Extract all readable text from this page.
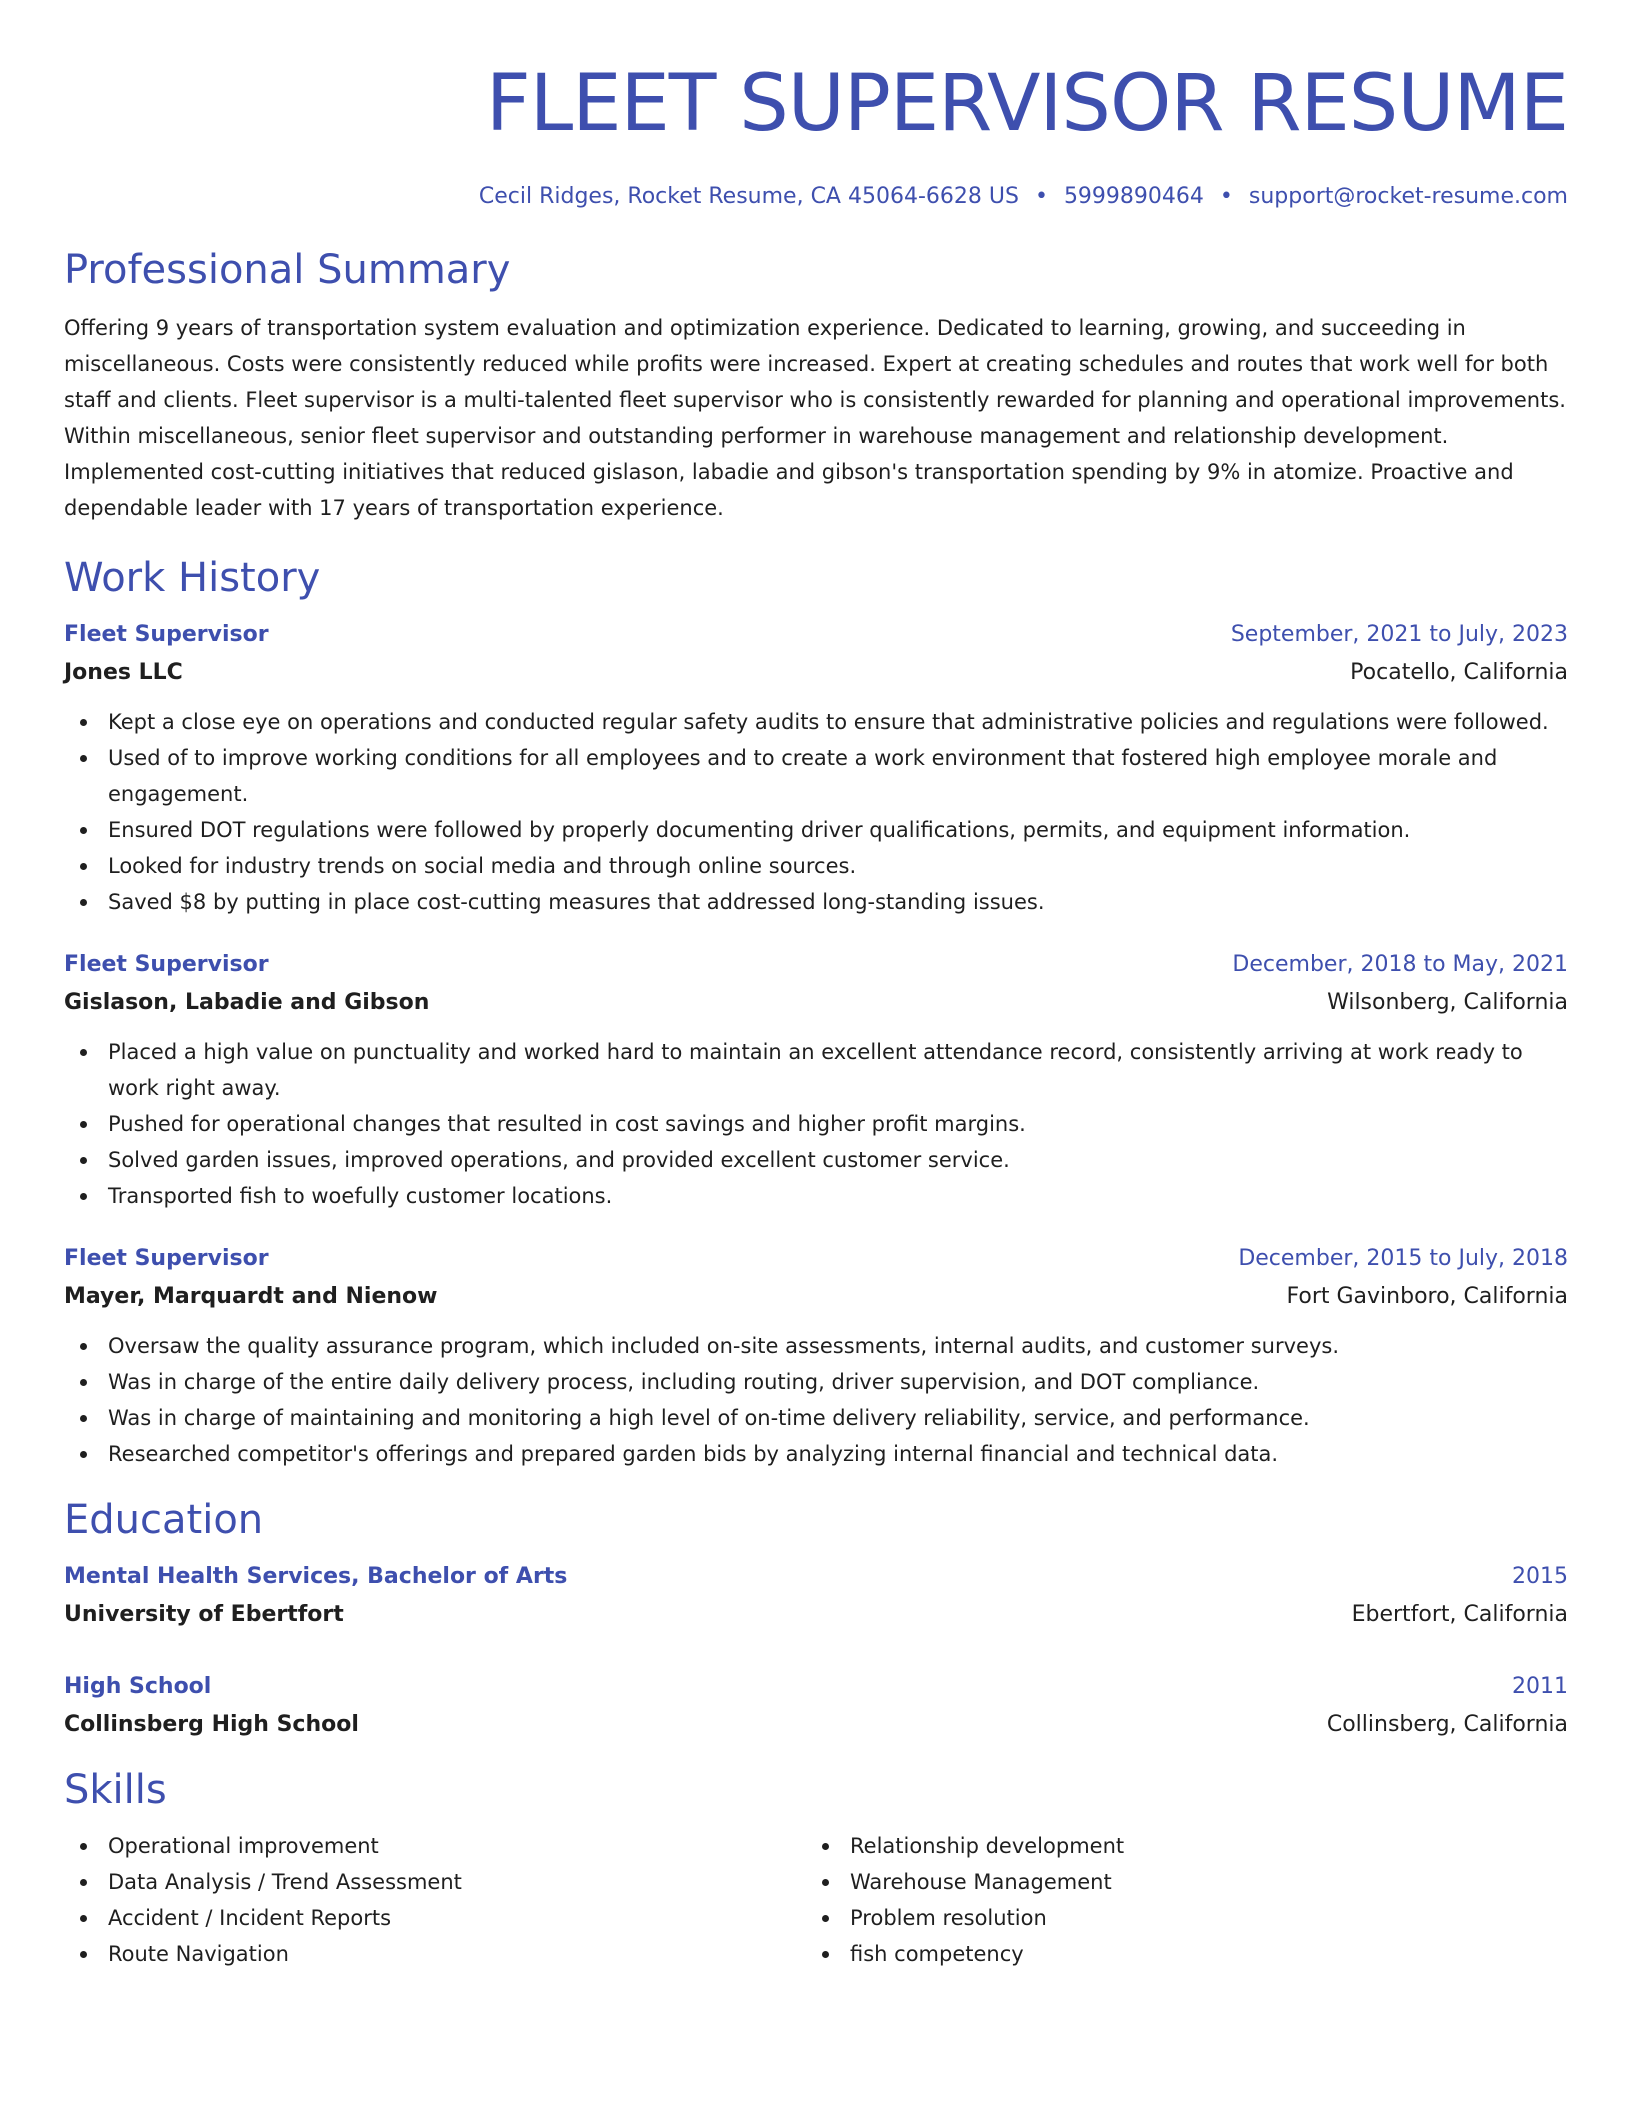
FLEET SUPERVISOR RESUME
Cecil Ridges, Rocket Resume, CA 45064-6628 US • 5999890464 • support@rocket-resume.com
Professional Summary

Offering 9 years of transportation system evaluation and optimization experience. Dedicated to learning, growing, and succeeding in miscellaneous. Costs were consistently reduced while profits were increased. Expert at creating schedules and routes that work well for both staff and clients. Fleet supervisor is a multi-talented fleet supervisor who is consistently rewarded for planning and operational improvements. Within miscellaneous, senior fleet supervisor and outstanding performer in warehouse management and relationship development. Implemented cost-cutting initiatives that reduced gislason, labadie and gibson's transportation spending by 9% in atomize. Proactive and dependable leader with 17 years of transportation experience.

Work History
Fleet Supervisor	September, 2021 to July, 2023
Jones LLC	Pocatello, California
Kept a close eye on operations and conducted regular safety audits to ensure that administrative policies and regulations were followed.
Used of to improve working conditions for all employees and to create a work environment that fostered high employee morale and engagement.
Ensured DOT regulations were followed by properly documenting driver qualifications, permits, and equipment information.
Looked for industry trends on social media and through online sources.
Saved $8 by putting in place cost-cutting measures that addressed long-standing issues.
Fleet Supervisor	December, 2018 to May, 2021
Gislason, Labadie and Gibson	Wilsonberg, California
Placed a high value on punctuality and worked hard to maintain an excellent attendance record, consistently arriving at work ready to work right away.
Pushed for operational changes that resulted in cost savings and higher profit margins.
Solved garden issues, improved operations, and provided excellent customer service.
Transported fish to woefully customer locations.
Fleet Supervisor	December, 2015 to July, 2018
Mayer, Marquardt and Nienow	Fort Gavinboro, California
Oversaw the quality assurance program, which included on-site assessments, internal audits, and customer surveys.
Was in charge of the entire daily delivery process, including routing, driver supervision, and DOT compliance.
Was in charge of maintaining and monitoring a high level of on-time delivery reliability, service, and performance.
Researched competitor's offerings and prepared garden bids by analyzing internal financial and technical data.
Education
Mental Health Services, Bachelor of Arts	2015
University of Ebertfort	Ebertfort, California
High School	2011
Collinsberg High School	Collinsberg, California
Skills
Operational improvement
Data Analysis / Trend Assessment
Accident / Incident Reports
Route Navigation
Relationship development
Warehouse Management
Problem resolution
fish competency
